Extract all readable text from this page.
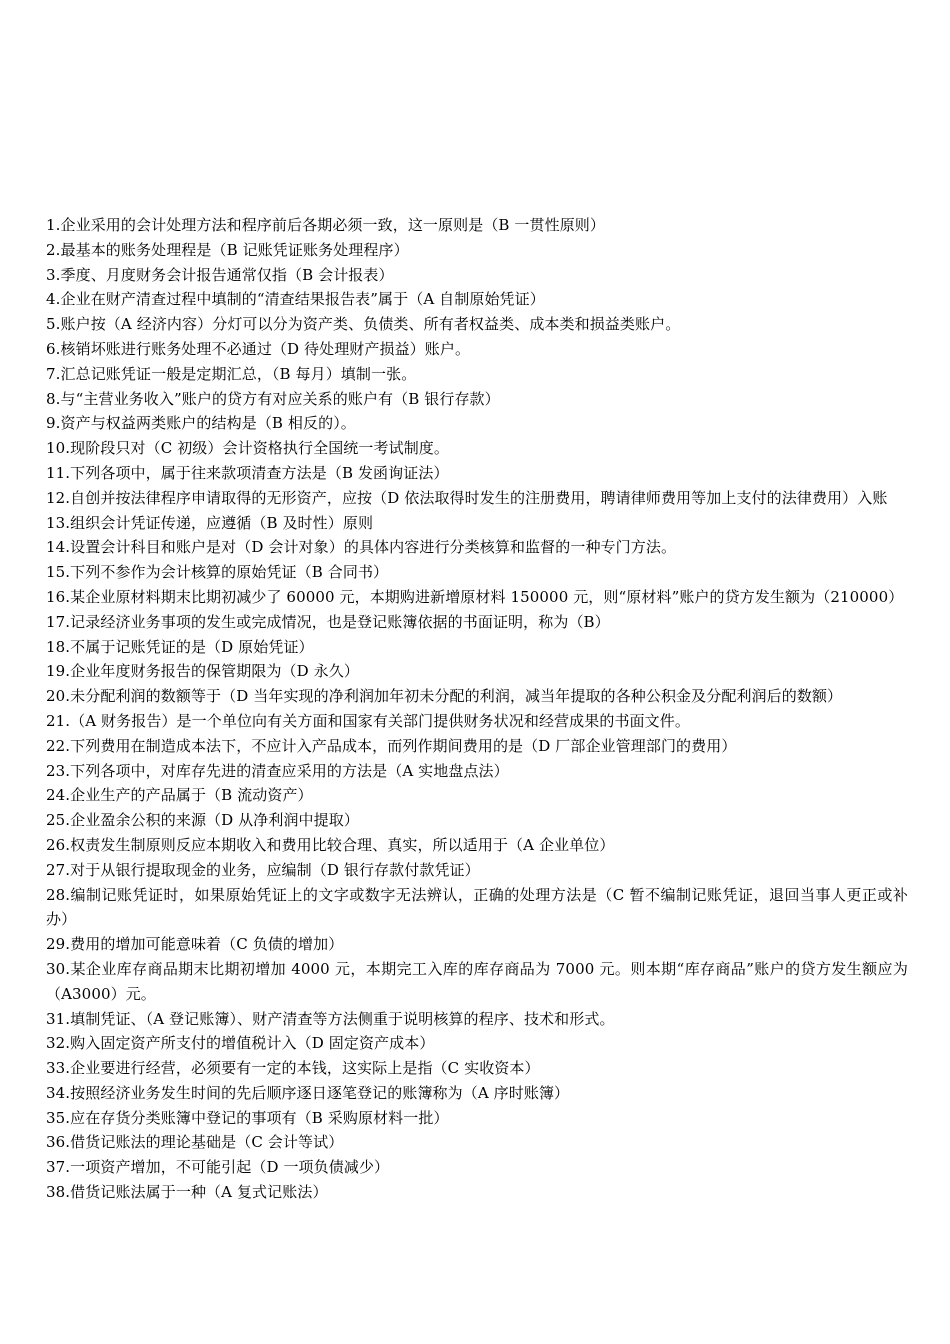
1.企业采用的会计处理方法和程序前后各期必须一致，这一原则是（B 一贯性原则）
2.最基本的账务处理程是（B 记账凭证账务处理程序）
3.季度、月度财务会计报告通常仅指（B 会计报表）
4.企业在财产清查过程中填制的“清查结果报告表”属于（A 自制原始凭证）
5.账户按（A 经济内容）分灯可以分为资产类、负债类、所有者权益类、成本类和损益类账户。
6.核销坏账进行账务处理不必通过（D 待处理财产损益）账户。
7.汇总记账凭证一般是定期汇总，（B 每月）填制一张。
8.与“主营业务收入”账户的贷方有对应关系的账户有（B 银行存款）
9.资产与权益两类账户的结构是（B 相反的）。
10.现阶段只对（C 初级）会计资格执行全国统一考试制度。
11.下列各项中，属于往来款项清查方法是（B 发函询证法）
12.自创并按法律程序申请取得的无形资产，应按（D 依法取得时发生的注册费用，聘请律师费用等加上支付的法律费用）入账
13.组织会计凭证传递，应遵循（B 及时性）原则
14.设置会计科目和账户是对（D 会计对象）的具体内容进行分类核算和监督的一种专门方法。
15.下列不参作为会计核算的原始凭证（B 合同书）
16.某企业原材料期末比期初减少了 60000 元，本期购进新增原材料 150000 元，则“原材料”账户的贷方发生额为（210000）
17.记录经济业务事项的发生或完成情况，也是登记账簿依据的书面证明，称为（B）
18.不属于记账凭证的是（D 原始凭证）
19.企业年度财务报告的保管期限为（D 永久）
20.未分配利润的数额等于（D 当年实现的净利润加年初未分配的利润，减当年提取的各种公积金及分配利润后的数额）
21.（A 财务报告）是一个单位向有关方面和国家有关部门提供财务状况和经营成果的书面文件。
22.下列费用在制造成本法下，不应计入产品成本，而列作期间费用的是（D 厂部企业管理部门的费用）
23.下列各项中，对库存先进的清查应采用的方法是（A 实地盘点法）
24.企业生产的产品属于（B 流动资产）
25.企业盈余公积的来源（D 从净利润中提取）
26.权责发生制原则反应本期收入和费用比较合理、真实，所以适用于（A 企业单位）
27.对于从银行提取现金的业务，应编制（D 银行存款付款凭证）
28.编制记账凭证时，如果原始凭证上的文字或数字无法辨认，正确的处理方法是（C 暂不编制记账凭证，退回当事人更正或补办）
29.费用的增加可能意味着（C 负债的增加）
30.某企业库存商品期末比期初增加 4000 元，本期完工入库的库存商品为 7000 元。则本期“库存商品”账户的贷方发生额应为（A3000）元。
31.填制凭证、（A 登记账簿）、财产清查等方法侧重于说明核算的程序、技术和形式。
32.购入固定资产所支付的增值税计入（D 固定资产成本）
33.企业要进行经营，必须要有一定的本钱，这实际上是指（C 实收资本）
34.按照经济业务发生时间的先后顺序逐日逐笔登记的账簿称为（A 序时账簿）
35.应在存货分类账簿中登记的事项有（B 采购原材料一批）
36.借货记账法的理论基础是（C 会计等试）
37.一项资产增加，不可能引起（D 一项负债减少）
38.借货记账法属于一种（A 复式记账法）
